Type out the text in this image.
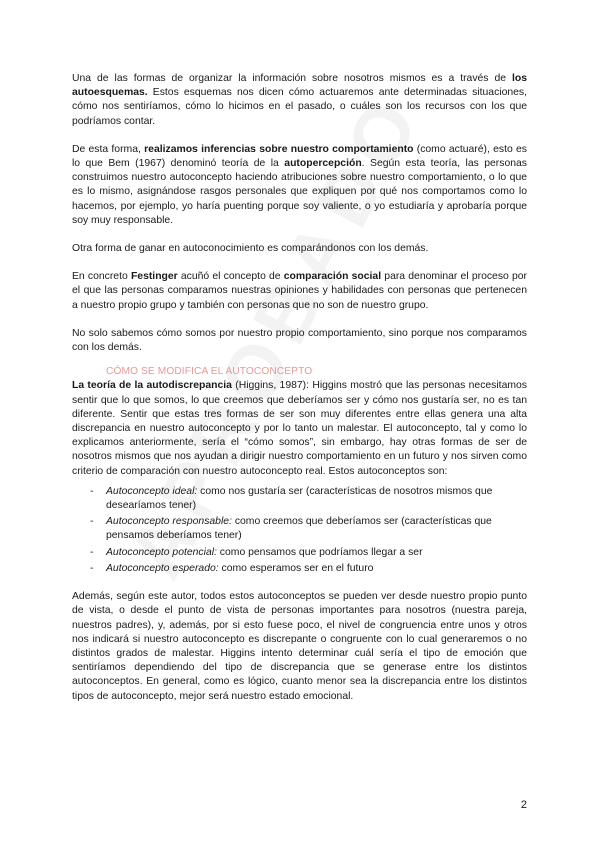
Una de las formas de organizar la información sobre nosotros mismos es a través de los autoesquemas. Estos esquemas nos dicen cómo actuaremos ante determinadas situaciones, cómo nos sentiríamos, cómo lo hicimos en el pasado, o cuáles son los recursos con los que podríamos contar.

De esta forma, realizamos inferencias sobre nuestro comportamiento (como actuaré), esto es lo que Bem (1967) denominó teoría de la autopercepción. Según esta teoría, las personas construimos nuestro autoconcepto haciendo atribuciones sobre nuestro comportamiento, o lo que es lo mismo, asignándose rasgos personales que expliquen por qué nos comportamos como lo hacemos, por ejemplo, yo haría puenting porque soy valiente, o yo estudiaría y aprobaría porque soy muy responsable.

Otra forma de ganar en autoconocimiento es comparándonos con los demás.

En concreto Festinger acuñó el concepto de comparación social para denominar el proceso por el que las personas comparamos nuestras opiniones y habilidades con personas que pertenecen a nuestro propio grupo y también con personas que no son de nuestro grupo.

No solo sabemos cómo somos por nuestro propio comportamiento, sino porque nos comparamos con los demás.

CÓMO SE MODIFICA EL AUTOCONCEPTO

La teoría de la autodiscrepancia (Higgins, 1987): Higgins mostró que las personas necesitamos sentir que lo que somos, lo que creemos que deberíamos ser y cómo nos gustaría ser, no es tan diferente. Sentir que estas tres formas de ser son muy diferentes entre ellas genera una alta discrepancia en nuestro autoconcepto y por lo tanto un malestar. El autoconcepto, tal y como lo explicamos anteriormente, sería el “cómo somos”, sin embargo, hay otras formas de ser de nosotros mismos que nos ayudan a dirigir nuestro comportamiento en un futuro y nos sirven como criterio de comparación con nuestro autoconcepto real. Estos autoconceptos son:

- Autoconcepto ideal: como nos gustaría ser (características de nosotros mismos que desearíamos tener)
- Autoconcepto responsable: como creemos que deberíamos ser (características que pensamos deberíamos tener)
- Autoconcepto potencial: como pensamos que podríamos llegar a ser
- Autoconcepto esperado: como esperamos ser en el futuro

Además, según este autor, todos estos autoconceptos se pueden ver desde nuestro propio punto de vista, o desde el punto de vista de personas importantes para nosotros (nuestra pareja, nuestros padres), y, además, por si esto fuese poco, el nivel de congruencia entre unos y otros nos indicará si nuestro autoconcepto es discrepante o congruente con lo cual generaremos o no distintos grados de malestar. Higgins intento determinar cuál sería el tipo de emoción que sentiríamos dependiendo del tipo de discrepancia que se generase entre los distintos autoconceptos. En general, como es lógico, cuanto menor sea la discrepancia entre los distintos tipos de autoconcepto, mejor será nuestro estado emocional.

2
